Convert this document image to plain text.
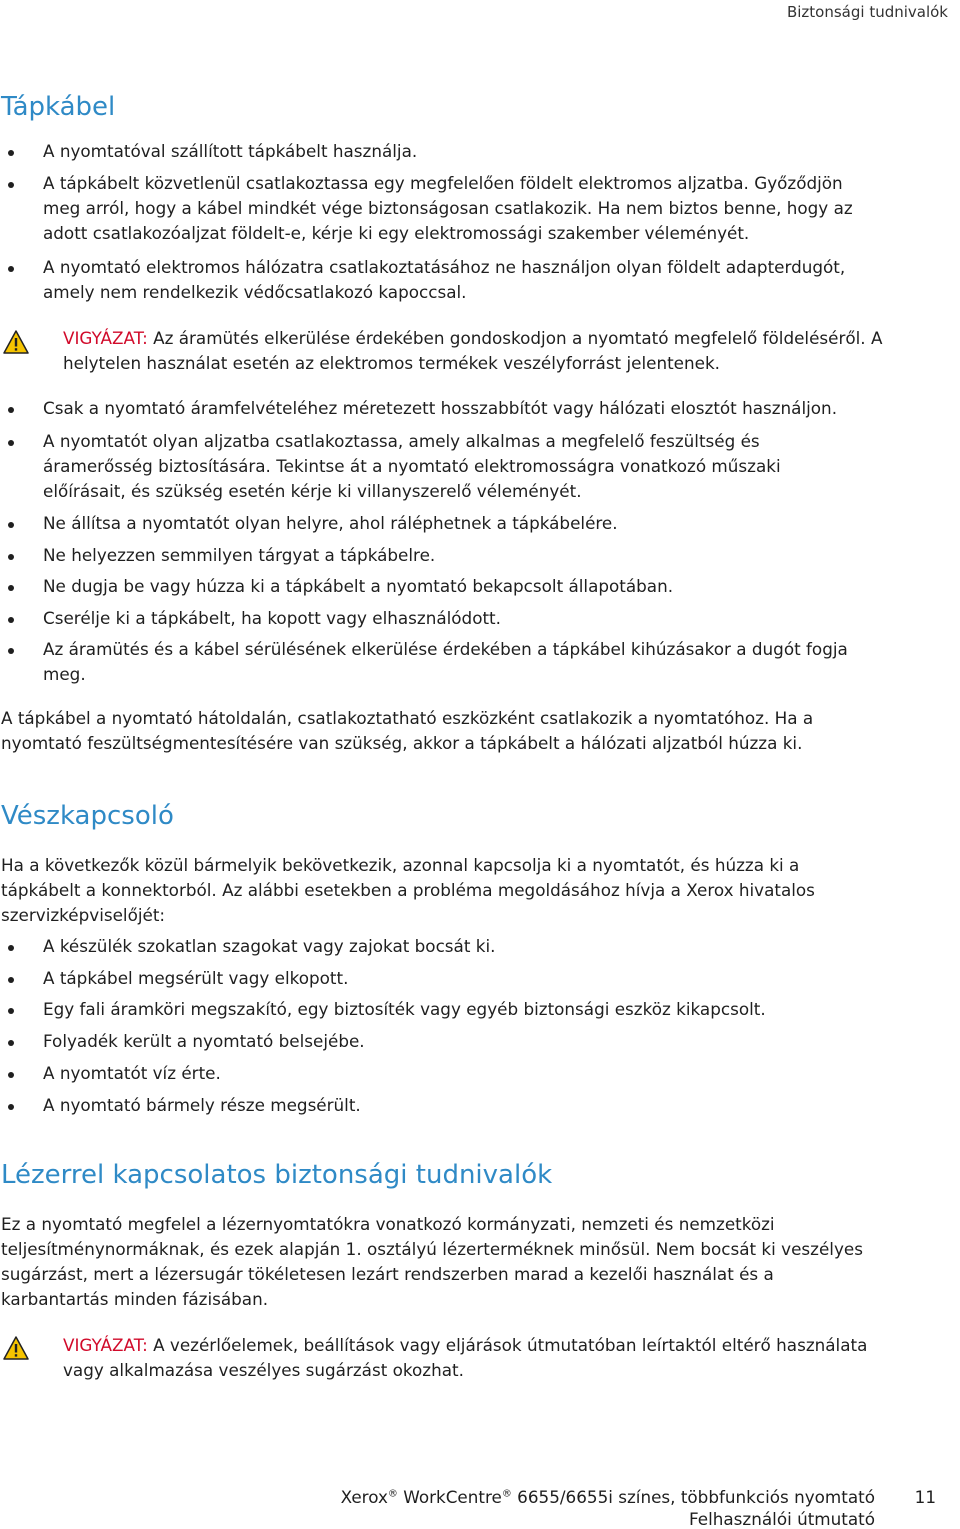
Biztonsági tudnivalók
Tápkábel
A nyomtatóval szállított tápkábelt használja.
A tápkábelt közvetlenül csatlakoztassa egy megfelelően földelt elektromos aljzatba. Győződjön
meg arról, hogy a kábel mindkét vége biztonságosan csatlakozik. Ha nem biztos benne, hogy az
adott csatlakozóaljzat földelt-e, kérje ki egy elektromossági szakember véleményét.
A nyomtató elektromos hálózatra csatlakoztatásához ne használjon olyan földelt adapterdugót,
amely nem rendelkezik védőcsatlakozó kapoccsal.
VIGYÁZAT: Az áramütés elkerülése érdekében gondoskodjon a nyomtató megfelelő földeléséről. A
helytelen használat esetén az elektromos termékek veszélyforrást jelentenek.
Csak a nyomtató áramfelvételéhez méretezett hosszabbítót vagy hálózati elosztót használjon.
A nyomtatót olyan aljzatba csatlakoztassa, amely alkalmas a megfelelő feszültség és
áramerősség biztosítására. Tekintse át a nyomtató elektromosságra vonatkozó műszaki
előírásait, és szükség esetén kérje ki villanyszerelő véleményét.
Ne állítsa a nyomtatót olyan helyre, ahol ráléphetnek a tápkábelére.
Ne helyezzen semmilyen tárgyat a tápkábelre.
Ne dugja be vagy húzza ki a tápkábelt a nyomtató bekapcsolt állapotában.
Cserélje ki a tápkábelt, ha kopott vagy elhasználódott.
Az áramütés és a kábel sérülésének elkerülése érdekében a tápkábel kihúzásakor a dugót fogja
meg.
A tápkábel a nyomtató hátoldalán, csatlakoztatható eszközként csatlakozik a nyomtatóhoz. Ha a
nyomtató feszültségmentesítésére van szükség, akkor a tápkábelt a hálózati aljzatból húzza ki.
Vészkapcsoló
Ha a következők közül bármelyik bekövetkezik, azonnal kapcsolja ki a nyomtatót, és húzza ki a
tápkábelt a konnektorból. Az alábbi esetekben a probléma megoldásához hívja a Xerox hivatalos
szervizképviselőjét:
A készülék szokatlan szagokat vagy zajokat bocsát ki.
A tápkábel megsérült vagy elkopott.
Egy fali áramköri megszakító, egy biztosíték vagy egyéb biztonsági eszköz kikapcsolt.
Folyadék került a nyomtató belsejébe.
A nyomtatót víz érte.
A nyomtató bármely része megsérült.
Lézerrel kapcsolatos biztonsági tudnivalók
Ez a nyomtató megfelel a lézernyomtatókra vonatkozó kormányzati, nemzeti és nemzetközi
teljesítménynormáknak, és ezek alapján 1. osztályú lézerterméknek minősül. Nem bocsát ki veszélyes
sugárzást, mert a lézersugár tökéletesen lezárt rendszerben marad a kezelői használat és a
karbantartás minden fázisában.
VIGYÁZAT: A vezérlőelemek, beállítások vagy eljárások útmutatóban leírtaktól eltérő használata
vagy alkalmazása veszélyes sugárzást okozhat.
Xerox® WorkCentre® 6655/6655i színes, többfunkciós nyomtató 11
Felhasználói útmutató
